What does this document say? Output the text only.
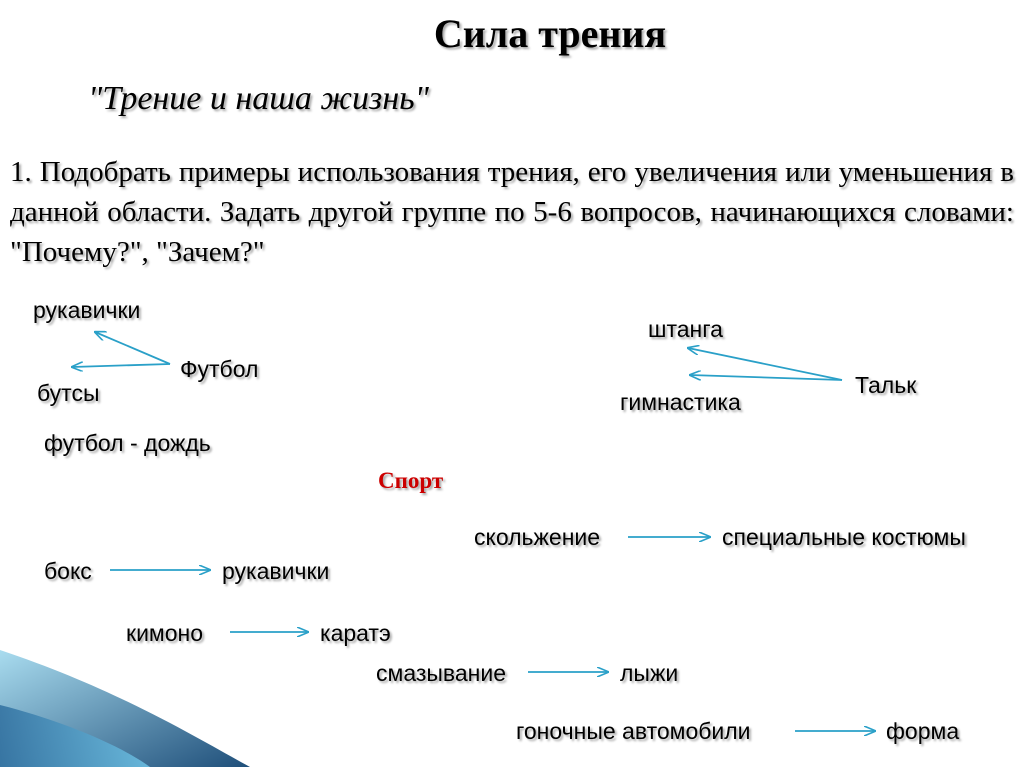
Сила трения
"Трение и наша жизнь"
1. Подобрать примеры использования трения, его увеличения или уменьшения в данной области. Задать другой группе по 5-6 вопросов, начинающихся словами: "Почему?", "Зачем?"
рукавички
Футбол
бутсы
футбол - дождь
штанга
Тальк
гимнастика
Спорт
скольжение	специальные костюмы
бокс	рукавички
кимоно	каратэ
смазывание	лыжи
гоночные автомобили	форма
